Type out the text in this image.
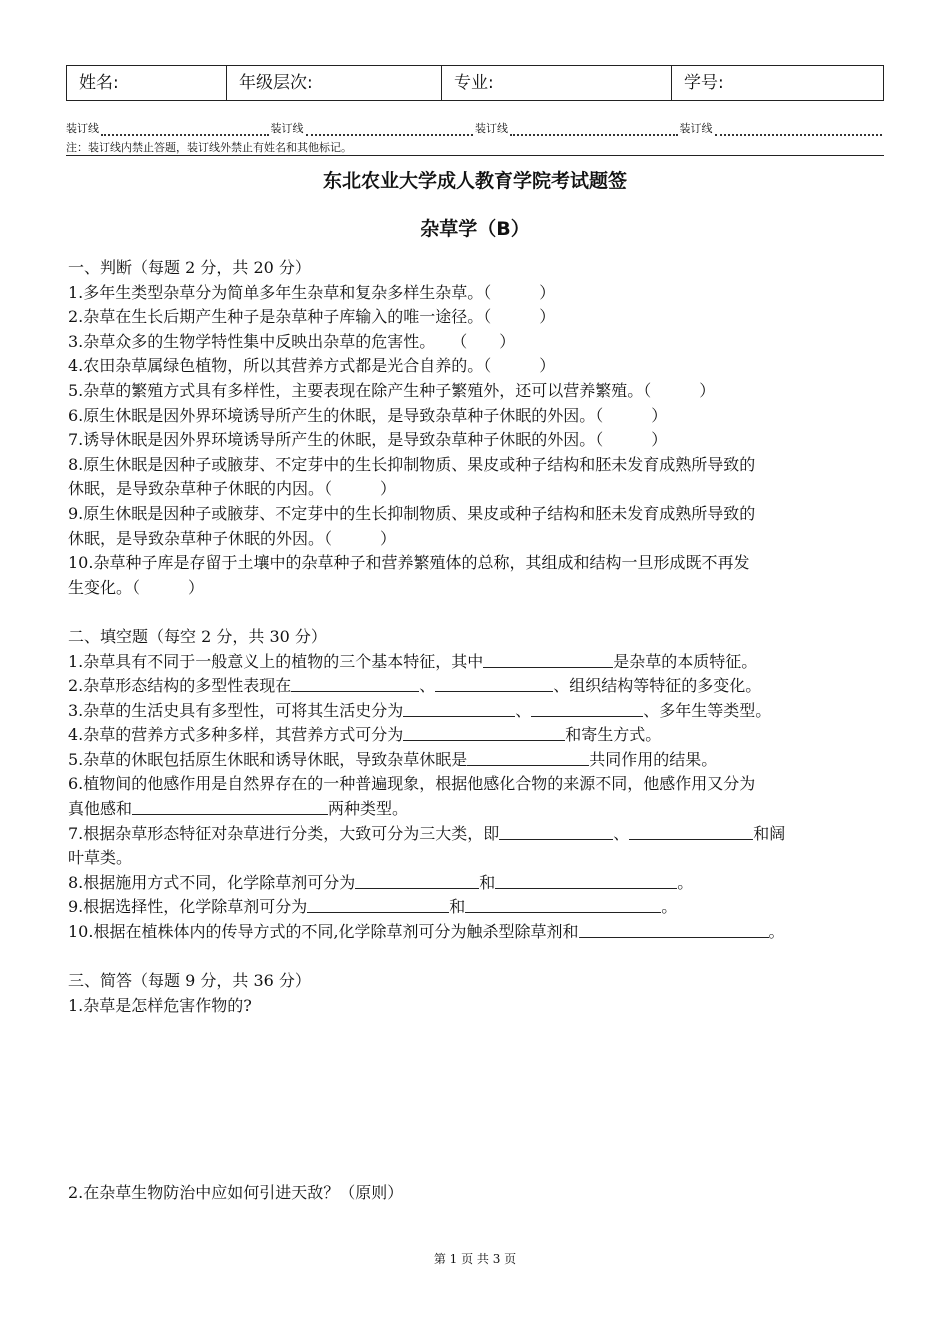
姓名:	年级层次:	专业:	学号:
装订线	装订线	装订线	装订线
注：装订线内禁止答题，装订线外禁止有姓名和其他标记。
东北农业大学成人教育学院考试题签
杂草学（B）
一、判断（每题 2 分，共 20 分）
1.多年生类型杂草分为简单多年生杂草和复杂多样生杂草。（　　　）
2.杂草在生长后期产生种子是杂草种子库输入的唯一途径。（　　　）
3.杂草众多的生物学特性集中反映出杂草的危害性。　　（　　）
4.农田杂草属绿色植物，所以其营养方式都是光合自养的。（　　　）
5.杂草的繁殖方式具有多样性，主要表现在除产生种子繁殖外，还可以营养繁殖。（　　　）
6.原生休眠是因外界环境诱导所产生的休眠，是导致杂草种子休眠的外因。（　　　）
7.诱导休眠是因外界环境诱导所产生的休眠，是导致杂草种子休眠的外因。（　　　）
8.原生休眠是因种子或腋芽、不定芽中的生长抑制物质、果皮或种子结构和胚未发育成熟所导致的
休眠，是导致杂草种子休眠的内因。（　　　）
9.原生休眠是因种子或腋芽、不定芽中的生长抑制物质、果皮或种子结构和胚未发育成熟所导致的
休眠，是导致杂草种子休眠的外因。（　　　）
10.杂草种子库是存留于土壤中的杂草种子和营养繁殖体的总称，其组成和结构一旦形成既不再发
生变化。（　　　）
二、填空题（每空 2 分，共 30 分）
1.杂草具有不同于一般意义上的植物的三个基本特征，其中	是杂草的本质特征。
2.杂草形态结构的多型性表现在	、	、组织结构等特征的多变化。
3.杂草的生活史具有多型性，可将其生活史分为	、	、多年生等类型。
4.杂草的营养方式多种多样，其营养方式可分为	和寄生方式。
5.杂草的休眠包括原生休眠和诱导休眠，导致杂草休眠是	共同作用的结果。
6.植物间的他感作用是自然界存在的一种普遍现象，根据他感化合物的来源不同，他感作用又分为
真他感和	两种类型。
7.根据杂草形态特征对杂草进行分类，大致可分为三大类，即	、	和阔
叶草类。
8.根据施用方式不同，化学除草剂可分为	和	。
9.根据选择性，化学除草剂可分为	和	。
10.根据在植株体内的传导方式的不同,化学除草剂可分为触杀型除草剂和	。
三、简答（每题 9 分，共 36 分）
1.杂草是怎样危害作物的?
2.在杂草生物防治中应如何引进天敌？（原则）
第 1 页 共 3 页
